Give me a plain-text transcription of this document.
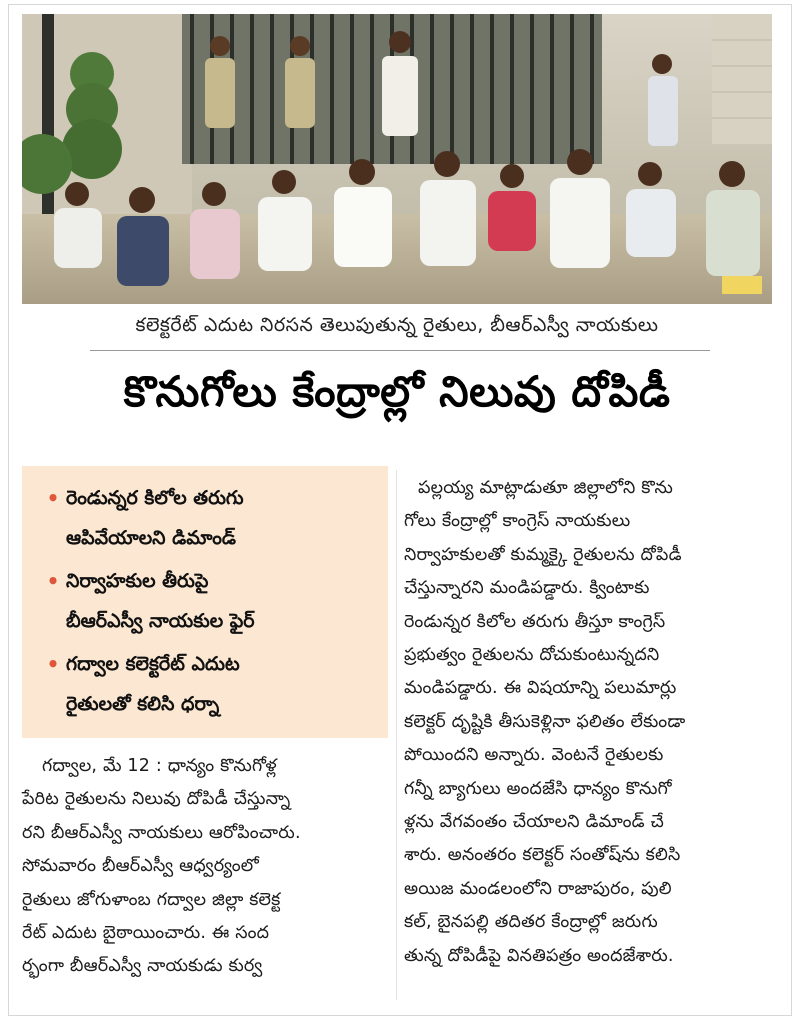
కలెక్టరేట్ ఎదుట నిరసన తెలుపుతున్న రైతులు, బీఆర్ఎస్వీ నాయకులు
కొనుగోలు కేంద్రాల్లో నిలువు దోపిడీ
• రెండున్నర కిలోల తరుగు
ఆపివేయాలని డిమాండ్
• నిర్వాహకుల తీరుపై
బీఆర్ఎస్వీ నాయకుల ఫైర్
• గద్వాల కలెక్టరేట్ ఎదుట
రైతులతో కలిసి ధర్నా
గద్వాల, మే 12 : ధాన్యం కొనుగోళ్ల
పేరిట రైతులను నిలువు దోపిడీ చేస్తున్నా
రని బీఆర్ఎస్వీ నాయకులు ఆరోపించారు.
సోమవారం బీఆర్ఎస్వీ ఆధ్వర్యంలో
రైతులు జోగుళాంబ గద్వాల జిల్లా కలెక్ట
రేట్ ఎదుట బైఠాయించారు. ఈ సంద
ర్భంగా బీఆర్ఎస్వీ నాయకుడు కుర్వ
పల్లయ్య మాట్లాడుతూ జిల్లాలోని కొను
గోలు కేంద్రాల్లో కాంగ్రెస్ నాయకులు
నిర్వాహకులతో కుమ్మక్కై రైతులను దోపిడీ
చేస్తున్నారని మండిపడ్డారు. క్వింటాకు
రెండున్నర కిలోల తరుగు తీస్తూ కాంగ్రెస్
ప్రభుత్వం రైతులను దోచుకుంటున్నదని
మండిపడ్డారు. ఈ విషయాన్ని పలుమార్లు
కలెక్టర్ దృష్టికి తీసుకెళ్లినా ఫలితం లేకుండా
పోయిందని అన్నారు. వెంటనే రైతులకు
గన్నీ బ్యాగులు అందజేసి ధాన్యం కొనుగో
ళ్లను వేగవంతం చేయాలని డిమాండ్ చే
శారు. అనంతరం కలెక్టర్ సంతోష్‌ను కలిసి
అయిజ మండలంలోని రాజాపురం, పులి
కల్, బైనపల్లి తదితర కేంద్రాల్లో జరుగు
తున్న దోపిడీపై వినతిపత్రం అందజేశారు.
